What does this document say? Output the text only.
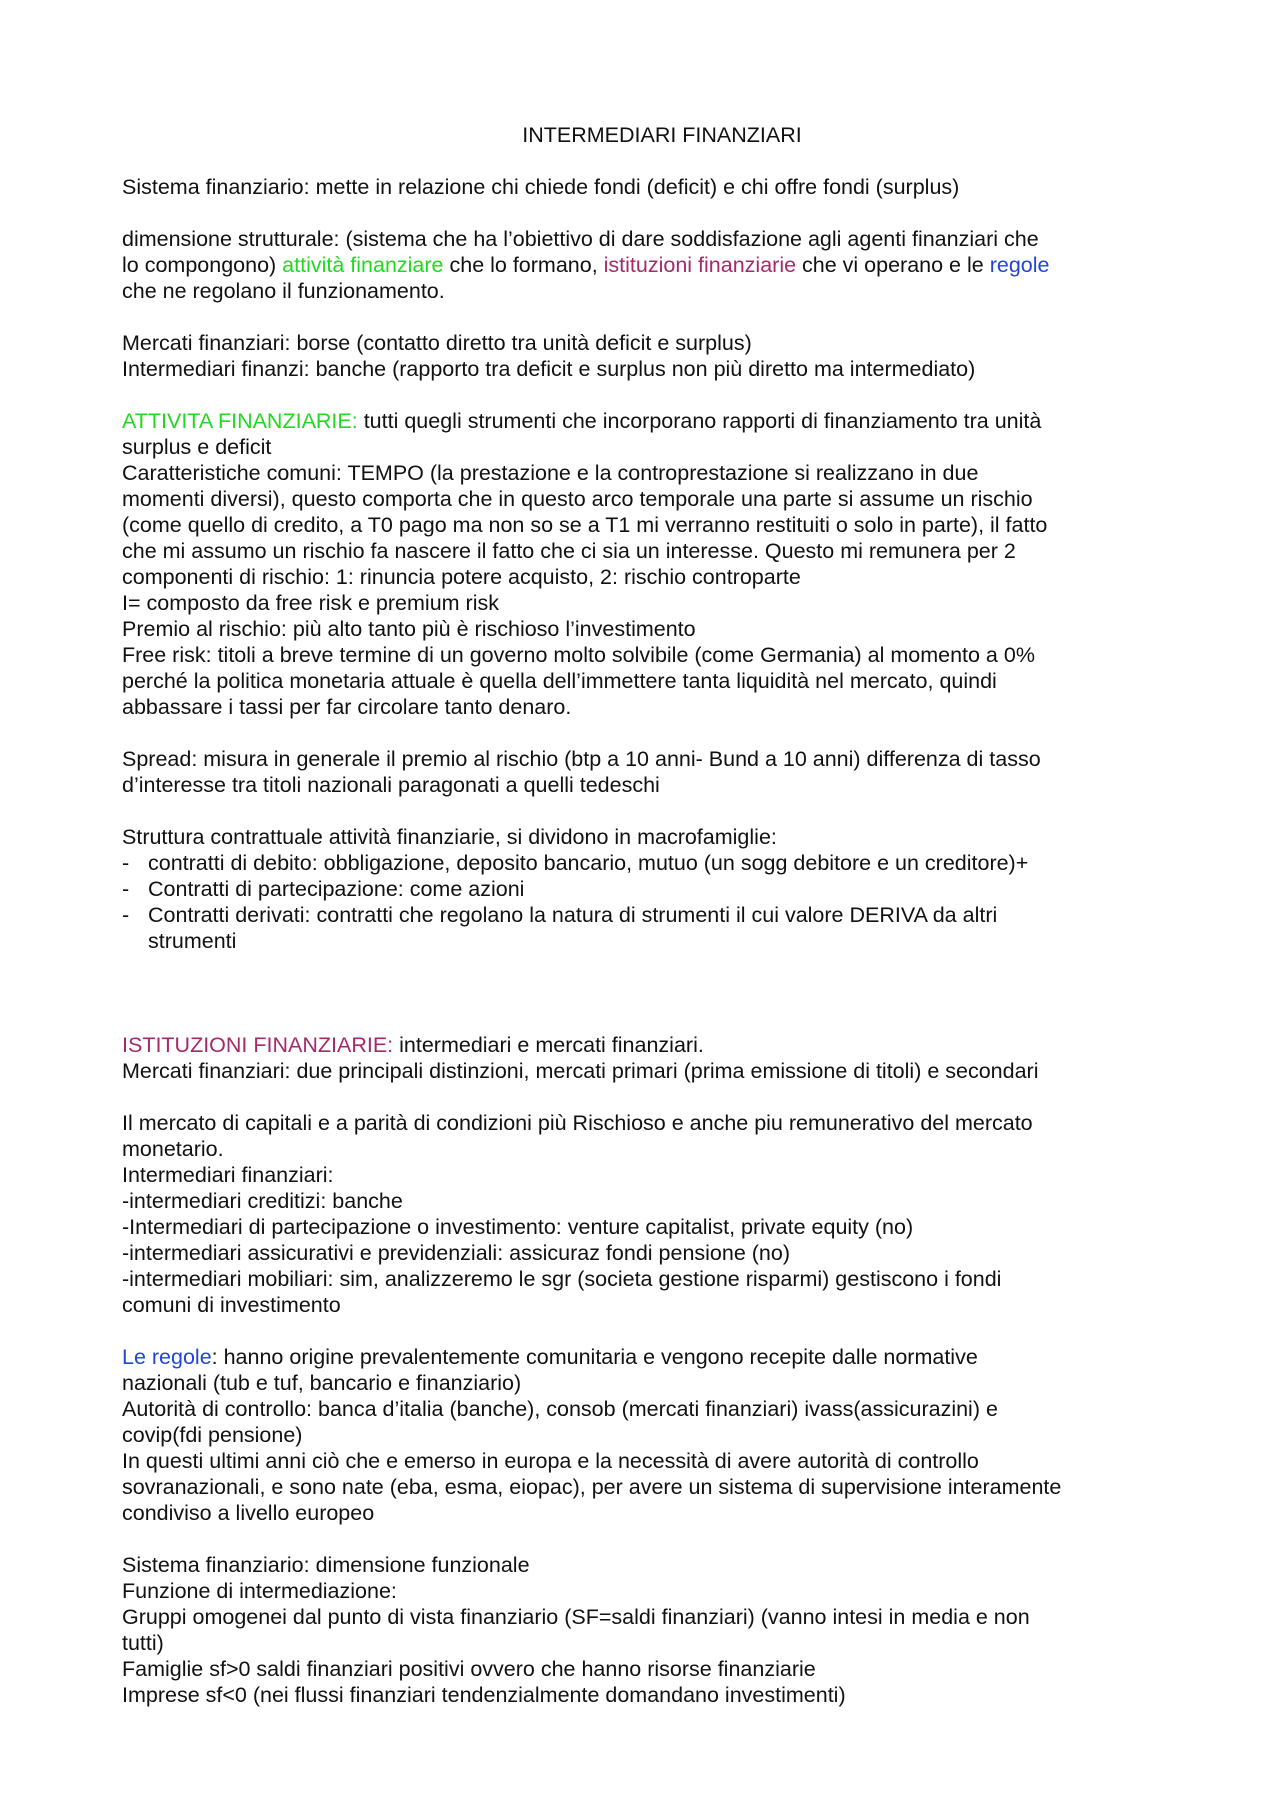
INTERMEDIARI FINANZIARI
Sistema finanziario: mette in relazione chi chiede fondi (deficit) e chi offre fondi (surplus)
dimensione strutturale: (sistema che ha l’obiettivo di dare soddisfazione agli agenti finanziari che
lo compongono) attività finanziare che lo formano, istituzioni finanziarie che vi operano e le regole
che ne regolano il funzionamento.
Mercati finanziari: borse (contatto diretto tra unità deficit e surplus)
Intermediari finanzi: banche (rapporto tra deficit e surplus non più diretto ma intermediato)
ATTIVITA FINANZIARIE: tutti quegli strumenti che incorporano rapporti di finanziamento tra unità
surplus e deficit
Caratteristiche comuni: TEMPO (la prestazione e la controprestazione si realizzano in due
momenti diversi), questo comporta che in questo arco temporale una parte si assume un rischio
(come quello di credito, a T0 pago ma non so se a T1 mi verranno restituiti o solo in parte), il fatto
che mi assumo un rischio fa nascere il fatto che ci sia un interesse. Questo mi remunera per 2
componenti di rischio: 1: rinuncia potere acquisto, 2: rischio controparte
I= composto da free risk e premium risk
Premio al rischio: più alto tanto più è rischioso l’investimento
Free risk: titoli a breve termine di un governo molto solvibile (come Germania) al momento a 0%
perché la politica monetaria attuale è quella dell’immettere tanta liquidità nel mercato, quindi
abbassare i tassi per far circolare tanto denaro.
Spread: misura in generale il premio al rischio (btp a 10 anni- Bund a 10 anni) differenza di tasso
d’interesse tra titoli nazionali paragonati a quelli tedeschi
Struttura contrattuale attività finanziarie, si dividono in macrofamiglie:
- contratti di debito: obbligazione, deposito bancario, mutuo (un sogg debitore e un creditore)+
- Contratti di partecipazione: come azioni
- Contratti derivati: contratti che regolano la natura di strumenti il cui valore DERIVA da altri
strumenti
ISTITUZIONI FINANZIARIE: intermediari e mercati finanziari.
Mercati finanziari: due principali distinzioni, mercati primari (prima emissione di titoli) e secondari
Il mercato di capitali e a parità di condizioni più Rischioso e anche piu remunerativo del mercato
monetario.
Intermediari finanziari:
-intermediari creditizi: banche
-Intermediari di partecipazione o investimento: venture capitalist, private equity (no)
-intermediari assicurativi e previdenziali: assicuraz fondi pensione (no)
-intermediari mobiliari: sim, analizzeremo le sgr (societa gestione risparmi) gestiscono i fondi
comuni di investimento
Le regole: hanno origine prevalentemente comunitaria e vengono recepite dalle normative
nazionali (tub e tuf, bancario e finanziario)
Autorità di controllo: banca d’italia (banche), consob (mercati finanziari) ivass(assicurazini) e
covip(fdi pensione)
In questi ultimi anni ciò che e emerso in europa e la necessità di avere autorità di controllo
sovranazionali, e sono nate (eba, esma, eiopac), per avere un sistema di supervisione interamente
condiviso a livello europeo
Sistema finanziario: dimensione funzionale
Funzione di intermediazione:
Gruppi omogenei dal punto di vista finanziario (SF=saldi finanziari) (vanno intesi in media e non
tutti)
Famiglie sf>0 saldi finanziari positivi ovvero che hanno risorse finanziarie
Imprese sf<0 (nei flussi finanziari tendenzialmente domandano investimenti)
